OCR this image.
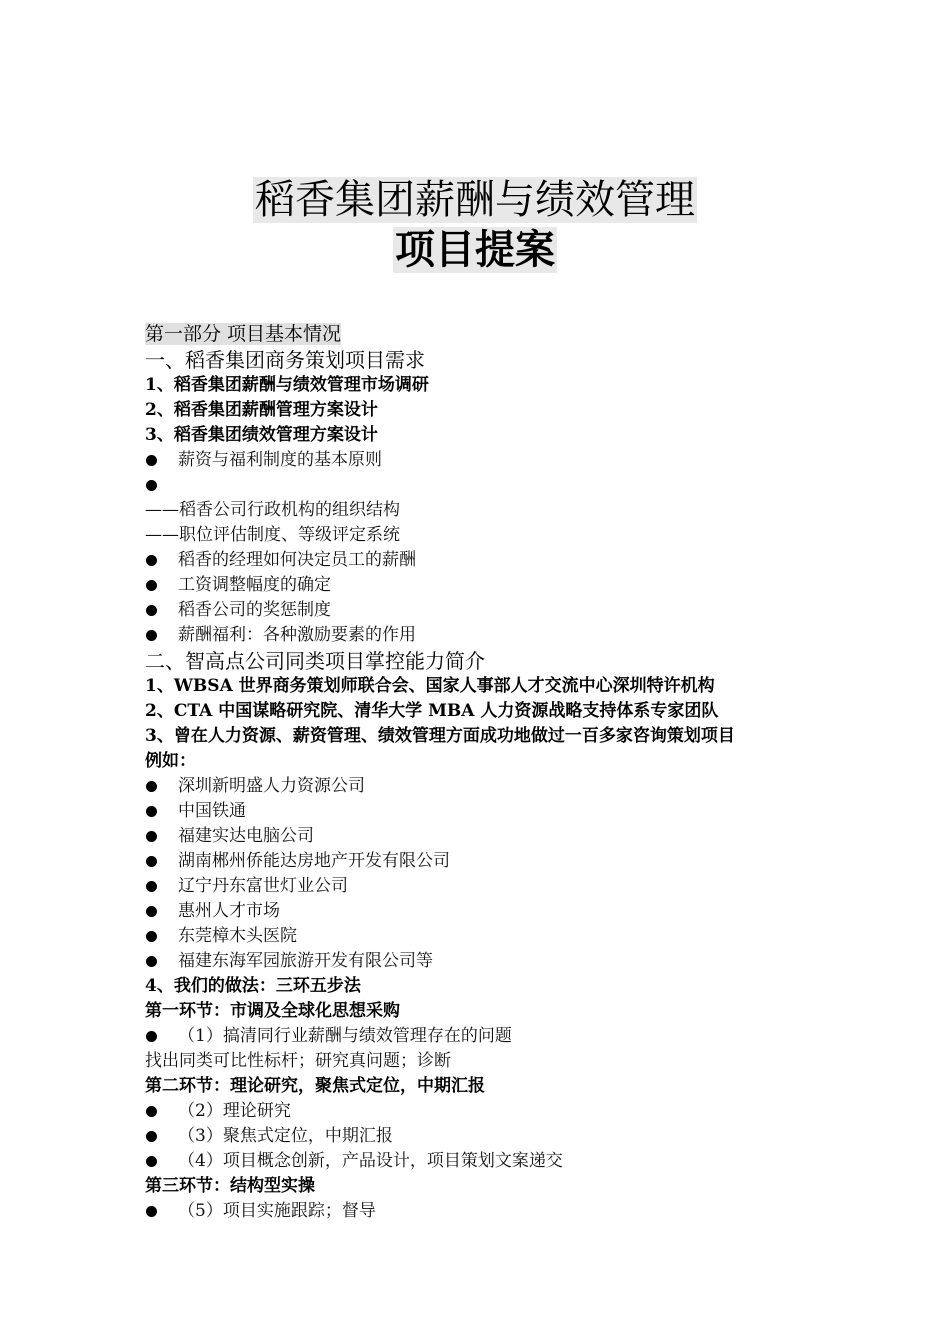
稻香集团薪酬与绩效管理
项目提案
第一部分 项目基本情况
一、稻香集团商务策划项目需求
1、稻香集团薪酬与绩效管理市场调研
2、稻香集团薪酬管理方案设计
3、稻香集团绩效管理方案设计
薪资与福利制度的基本原则
——稻香公司行政机构的组织结构
——职位评估制度、等级评定系统
稻香的经理如何决定员工的薪酬
工资调整幅度的确定
稻香公司的奖惩制度
薪酬福利：各种激励要素的作用
二、智高点公司同类项目掌控能力简介
1、WBSA 世界商务策划师联合会、国家人事部人才交流中心深圳特许机构
2、CTA 中国谋略研究院、清华大学 MBA 人力资源战略支持体系专家团队
3、曾在人力资源、薪资管理、绩效管理方面成功地做过一百多家咨询策划项目
例如：
深圳新明盛人力资源公司
中国铁通
福建实达电脑公司
湖南郴州侨能达房地产开发有限公司
辽宁丹东富世灯业公司
惠州人才市场
东莞樟木头医院
福建东海军园旅游开发有限公司等
4、我们的做法：三环五步法
第一环节：市调及全球化思想采购
（1）搞清同行业薪酬与绩效管理存在的问题
找出同类可比性标杆；研究真问题；诊断
第二环节：理论研究，聚焦式定位，中期汇报
（2）理论研究
（3）聚焦式定位，中期汇报
（4）项目概念创新，产品设计，项目策划文案递交
第三环节：结构型实操
（5）项目实施跟踪；督导
